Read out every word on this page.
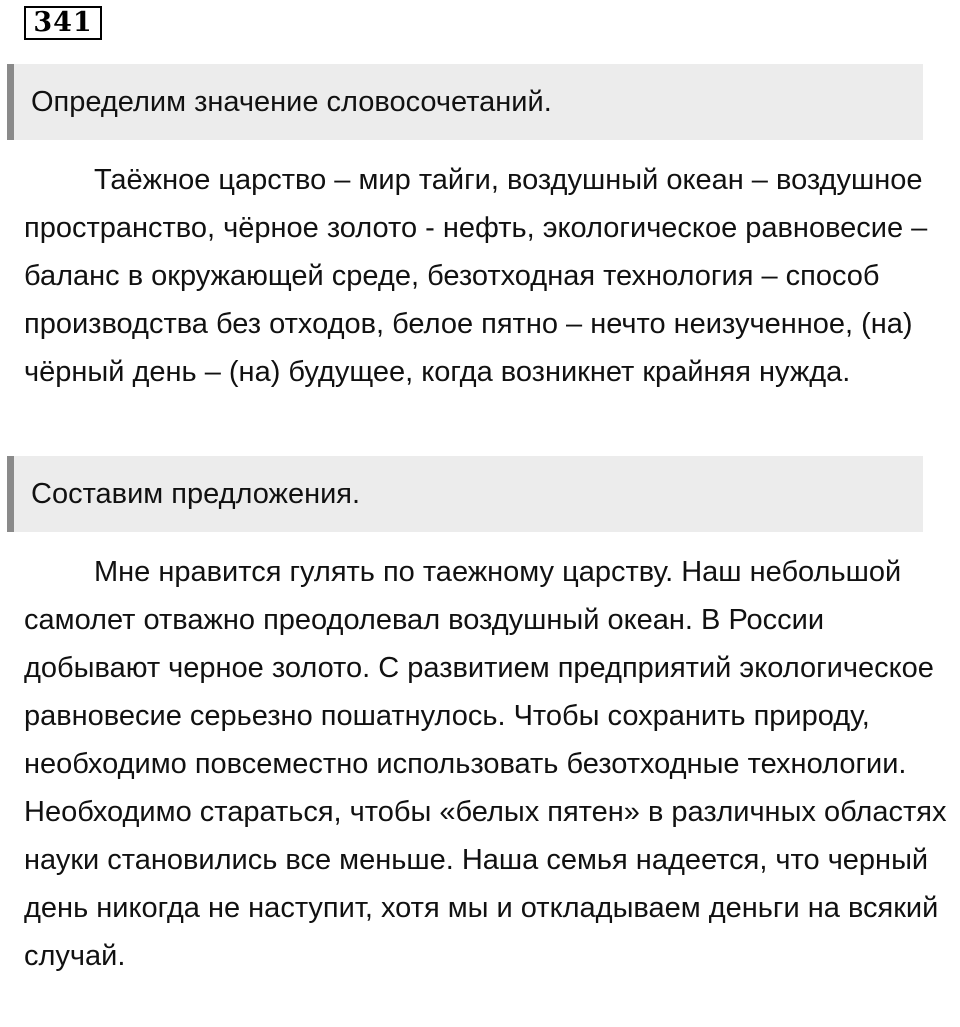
341
Определим значение словосочетаний.

Таёжное царство – мир тайги, воздушный океан – воздушное пространство, чёрное золото - нефть, экологическое равновесие – баланс в окружающей среде, безотходная технология – способ производства без отходов, белое пятно – нечто неизученное, (на) чёрный день – (на) будущее, когда возникнет крайняя нужда.

Составим предложения.

Мне нравится гулять по таежному царству. Наш небольшой самолет отважно преодолевал воздушный океан. В России добывают черное золото. С развитием предприятий экологическое равновесие серьезно пошатнулось. Чтобы сохранить природу, необходимо повсеместно использовать безотходные технологии. Необходимо стараться, чтобы «белых пятен» в различных областях науки становились все меньше. Наша семья надеется, что черный день никогда не наступит, хотя мы и откладываем деньги на всякий случай.
